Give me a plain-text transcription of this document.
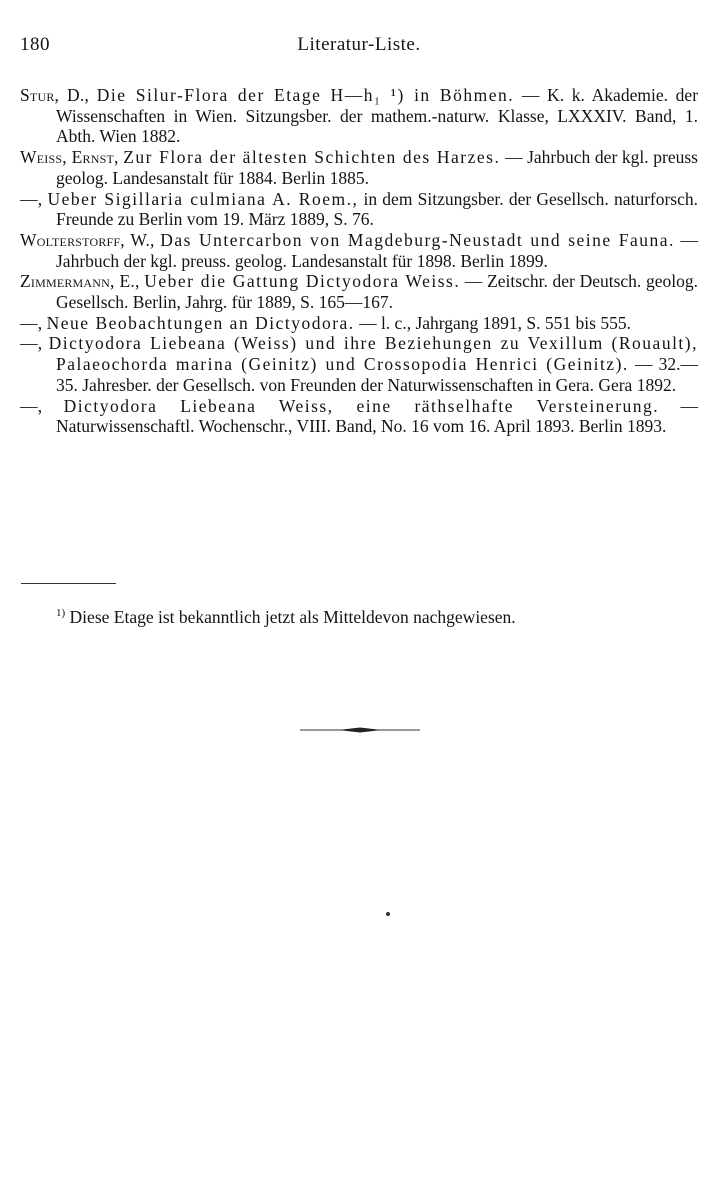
180	Literatur-Liste.
Stur, D., Die Silur-Flora der Etage H—h₁ ¹) in Böhmen. — K. k. Akademie. der Wissenschaften in Wien. Sitzungsber. der mathem.-naturw. Klasse, LXXXIV. Band, 1. Abth. Wien 1882.
Weiss, Ernst, Zur Flora der ältesten Schichten des Harzes. — Jahrbuch der kgl. preuss geolog. Landesanstalt für 1884. Berlin 1885.
—, Ueber Sigillaria culmiana A. Roem., in dem Sitzungsber. der Gesellsch. naturforsch. Freunde zu Berlin vom 19. März 1889, S. 76.
Wolterstorff, W., Das Untercarbon von Magdeburg-Neustadt und seine Fauna. — Jahrbuch der kgl. preuss. geolog. Landesanstalt für 1898. Berlin 1899.
Zimmermann, E., Ueber die Gattung Dictyodora Weiss. — Zeitschr. der Deutsch. geolog. Gesellsch. Berlin, Jahrg. für 1889, S. 165—167.
—, Neue Beobachtungen an Dictyodora. — l. c., Jahrgang 1891, S. 551 bis 555.
—, Dictyodora Liebeana (Weiss) und ihre Beziehungen zu Vexillum (Rouault), Palaeochorda marina (Geinitz) und Crossopodia Henrici (Geinitz). — 32.—35. Jahresber. der Gesellsch. von Freunden der Naturwissenschaften in Gera. Gera 1892.
—, Dictyodora Liebeana Weiss, eine räthselhafte Versteinerung. — Naturwissenschaftl. Wochenschr., VIII. Band, No. 16 vom 16. April 1893. Berlin 1893.
$^{1)}$ Diese Etage ist bekanntlich jetzt als Mitteldevon nachgewiesen.
